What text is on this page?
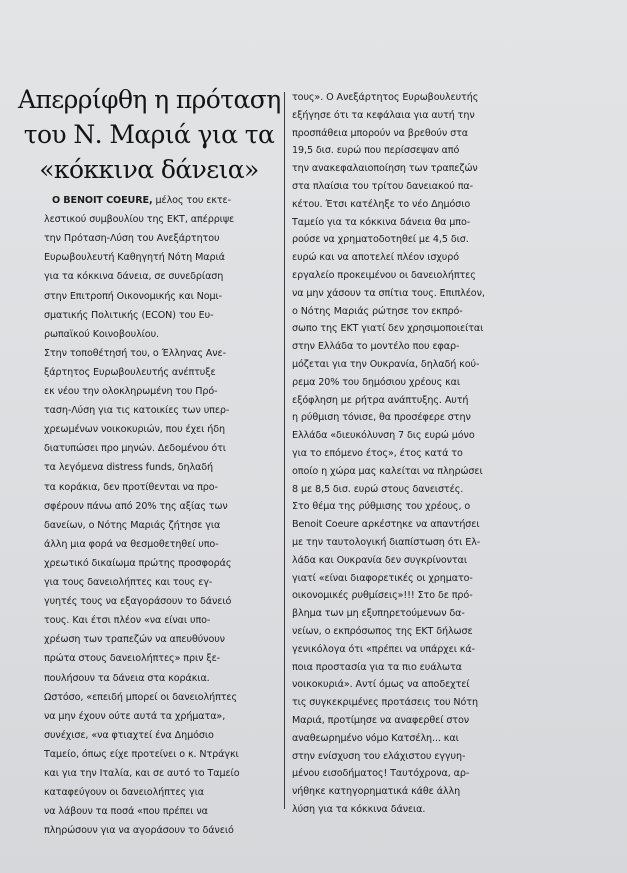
Απερρίφθη η πρόταση
του Ν. Μαριά για τα
«κόκκινα δάνεια»
Ο BENOIT COEURE, μέλος του εκτε-
λεστικού συμβουλίου της ΕΚΤ, απέρριψε
την Πρόταση-Λύση του Ανεξάρτητου
Ευρωβουλευτή Καθηγητή Νότη Μαριά
για τα κόκκινα δάνεια, σε συνεδρίαση
στην Επιτροπή Οικονομικής και Νομι-
σματικής Πολιτικής (ECON) του Ευ-
ρωπαϊκού Κοινοβουλίου.
Στην τοποθέτησή του, ο Έλληνας Ανε-
ξάρτητος Ευρωβουλευτής ανέπτυξε
εκ νέου την ολοκληρωμένη του Πρό-
ταση-Λύση για τις κατοικίες των υπερ-
χρεωμένων νοικοκυριών, που έχει ήδη
διατυπώσει προ μηνών. Δεδομένου ότι
τα λεγόμενα distress funds, δηλαδή
τα κοράκια, δεν προτίθενται να προ-
σφέρουν πάνω από 20% της αξίας των
δανείων, ο Νότης Μαριάς ζήτησε για
άλλη μια φορά να θεσμοθετηθεί υπο-
χρεωτικό δικαίωμα πρώτης προσφοράς
για τους δανειολήπτες και τους εγ-
γυητές τους να εξαγοράσουν το δάνειό
τους. Και έτσι πλέον «να είναι υπο-
χρέωση των τραπεζών να απευθύνουν
πρώτα στους δανειολήπτες» πριν ξε-
πουλήσουν τα δάνεια στα κοράκια.
Ωστόσο, «επειδή μπορεί οι δανειολήπτες
να μην έχουν ούτε αυτά τα χρήματα»,
συνέχισε, «να φτιαχτεί ένα Δημόσιο
Ταμείο, όπως είχε προτείνει ο κ. Ντράγκι
και για την Ιταλία, και σε αυτό το Ταμείο
καταφεύγουν οι δανειολήπτες για
να λάβουν τα ποσά «που πρέπει να
πληρώσουν για να αγοράσουν το δάνειό
τους». Ο Ανεξάρτητος Ευρωβουλευτής
εξήγησε ότι τα κεφάλαια για αυτή την
προσπάθεια μπορούν να βρεθούν στα
19,5 δισ. ευρώ που περίσσεψαν από
την ανακεφαλαιοποίηση των τραπεζών
στα πλαίσια του τρίτου δανειακού πα-
κέτου. Έτσι κατέληξε το νέο Δημόσιο
Ταμείο για τα κόκκινα δάνεια θα μπο-
ρούσε να χρηματοδοτηθεί με 4,5 δισ.
ευρώ και να αποτελεί πλέον ισχυρό
εργαλείο προκειμένου οι δανειολήπτες
να μην χάσουν τα σπίτια τους. Επιπλέον,
ο Νότης Μαριάς ρώτησε τον εκπρό-
σωπο της ΕΚΤ γιατί δεν χρησιμοποιείται
στην Ελλάδα το μοντέλο που εφαρ-
μόζεται για την Ουκρανία, δηλαδή κού-
ρεμα 20% του δημόσιου χρέους και
εξόφληση με ρήτρα ανάπτυξης. Αυτή
η ρύθμιση τόνισε, θα προσέφερε στην
Ελλάδα «διευκόλυνση 7 δις ευρώ μόνο
για το επόμενο έτος», έτος κατά το
οποίο η χώρα μας καλείται να πληρώσει
8 με 8,5 δισ. ευρώ στους δανειστές.
Στο θέμα της ρύθμισης του χρέους, ο
Benoit Coeure αρκέστηκε να απαντήσει
με την ταυτολογική διαπίστωση ότι Ελ-
λάδα και Ουκρανία δεν συγκρίνονται
γιατί «είναι διαφορετικές οι χρηματο-
οικονομικές ρυθμίσεις»!!! Στο δε πρό-
βλημα των μη εξυπηρετούμενων δα-
νείων, ο εκπρόσωπος της ΕΚΤ δήλωσε
γενικόλογα ότι «πρέπει να υπάρχει κά-
ποια προστασία για τα πιο ευάλωτα
νοικοκυριά». Αντί όμως να αποδεχτεί
τις συγκεκριμένες προτάσεις του Νότη
Μαριά, προτίμησε να αναφερθεί στον
αναθεωρημένο νόμο Κατσέλη... και
στην ενίσχυση του ελάχιστου εγγυη-
μένου εισοδήματος! Ταυτόχρονα, αρ-
νήθηκε κατηγορηματικά κάθε άλλη
λύση για τα κόκκινα δάνεια.
